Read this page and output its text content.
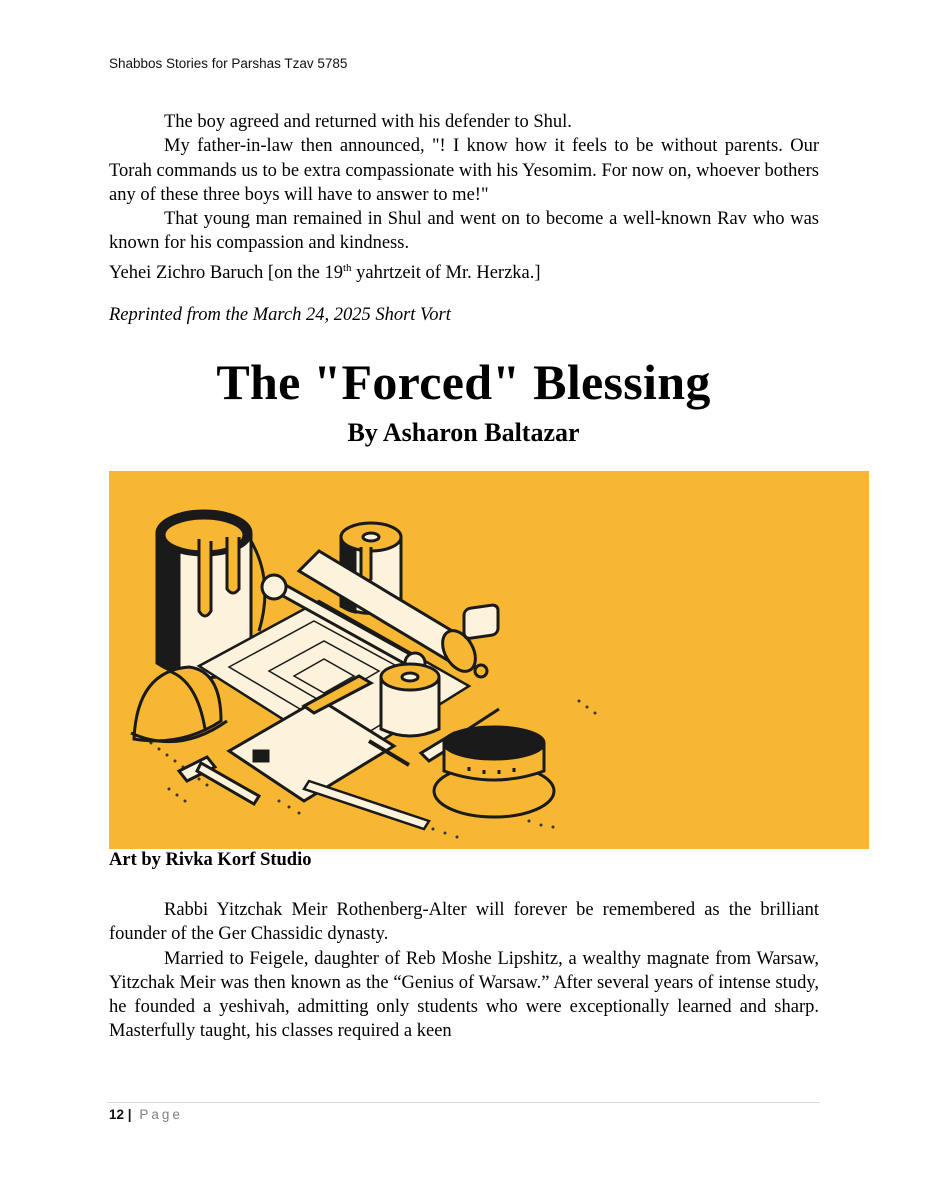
Shabbos Stories for Parshas Tzav 5785

The boy agreed and returned with his defender to Shul.

My father-in-law then announced, "! I know how it feels to be without parents. Our Torah commands us to be extra compassionate with his Yesomim. For now on, whoever bothers any of these three boys will have to answer to me!"

That young man remained in Shul and went on to become a well-known Rav who was known for his compassion and kindness.

Yehei Zichro Baruch [on the 19th yahrtzeit of Mr. Herzka.]

Reprinted from the March 24, 2025 Short Vort
The "Forced" Blessing
By Asharon Baltazar
Art by Rivka Korf Studio

Rabbi Yitzchak Meir Rothenberg-Alter will forever be remembered as the brilliant founder of the Ger Chassidic dynasty.

Married to Feigele, daughter of Reb Moshe Lipshitz, a wealthy magnate from Warsaw, Yitzchak Meir was then known as the “Genius of Warsaw.” After several years of intense study, he founded a yeshivah, admitting only students who were exceptionally learned and sharp. Masterfully taught, his classes required a keen

12 | Page
